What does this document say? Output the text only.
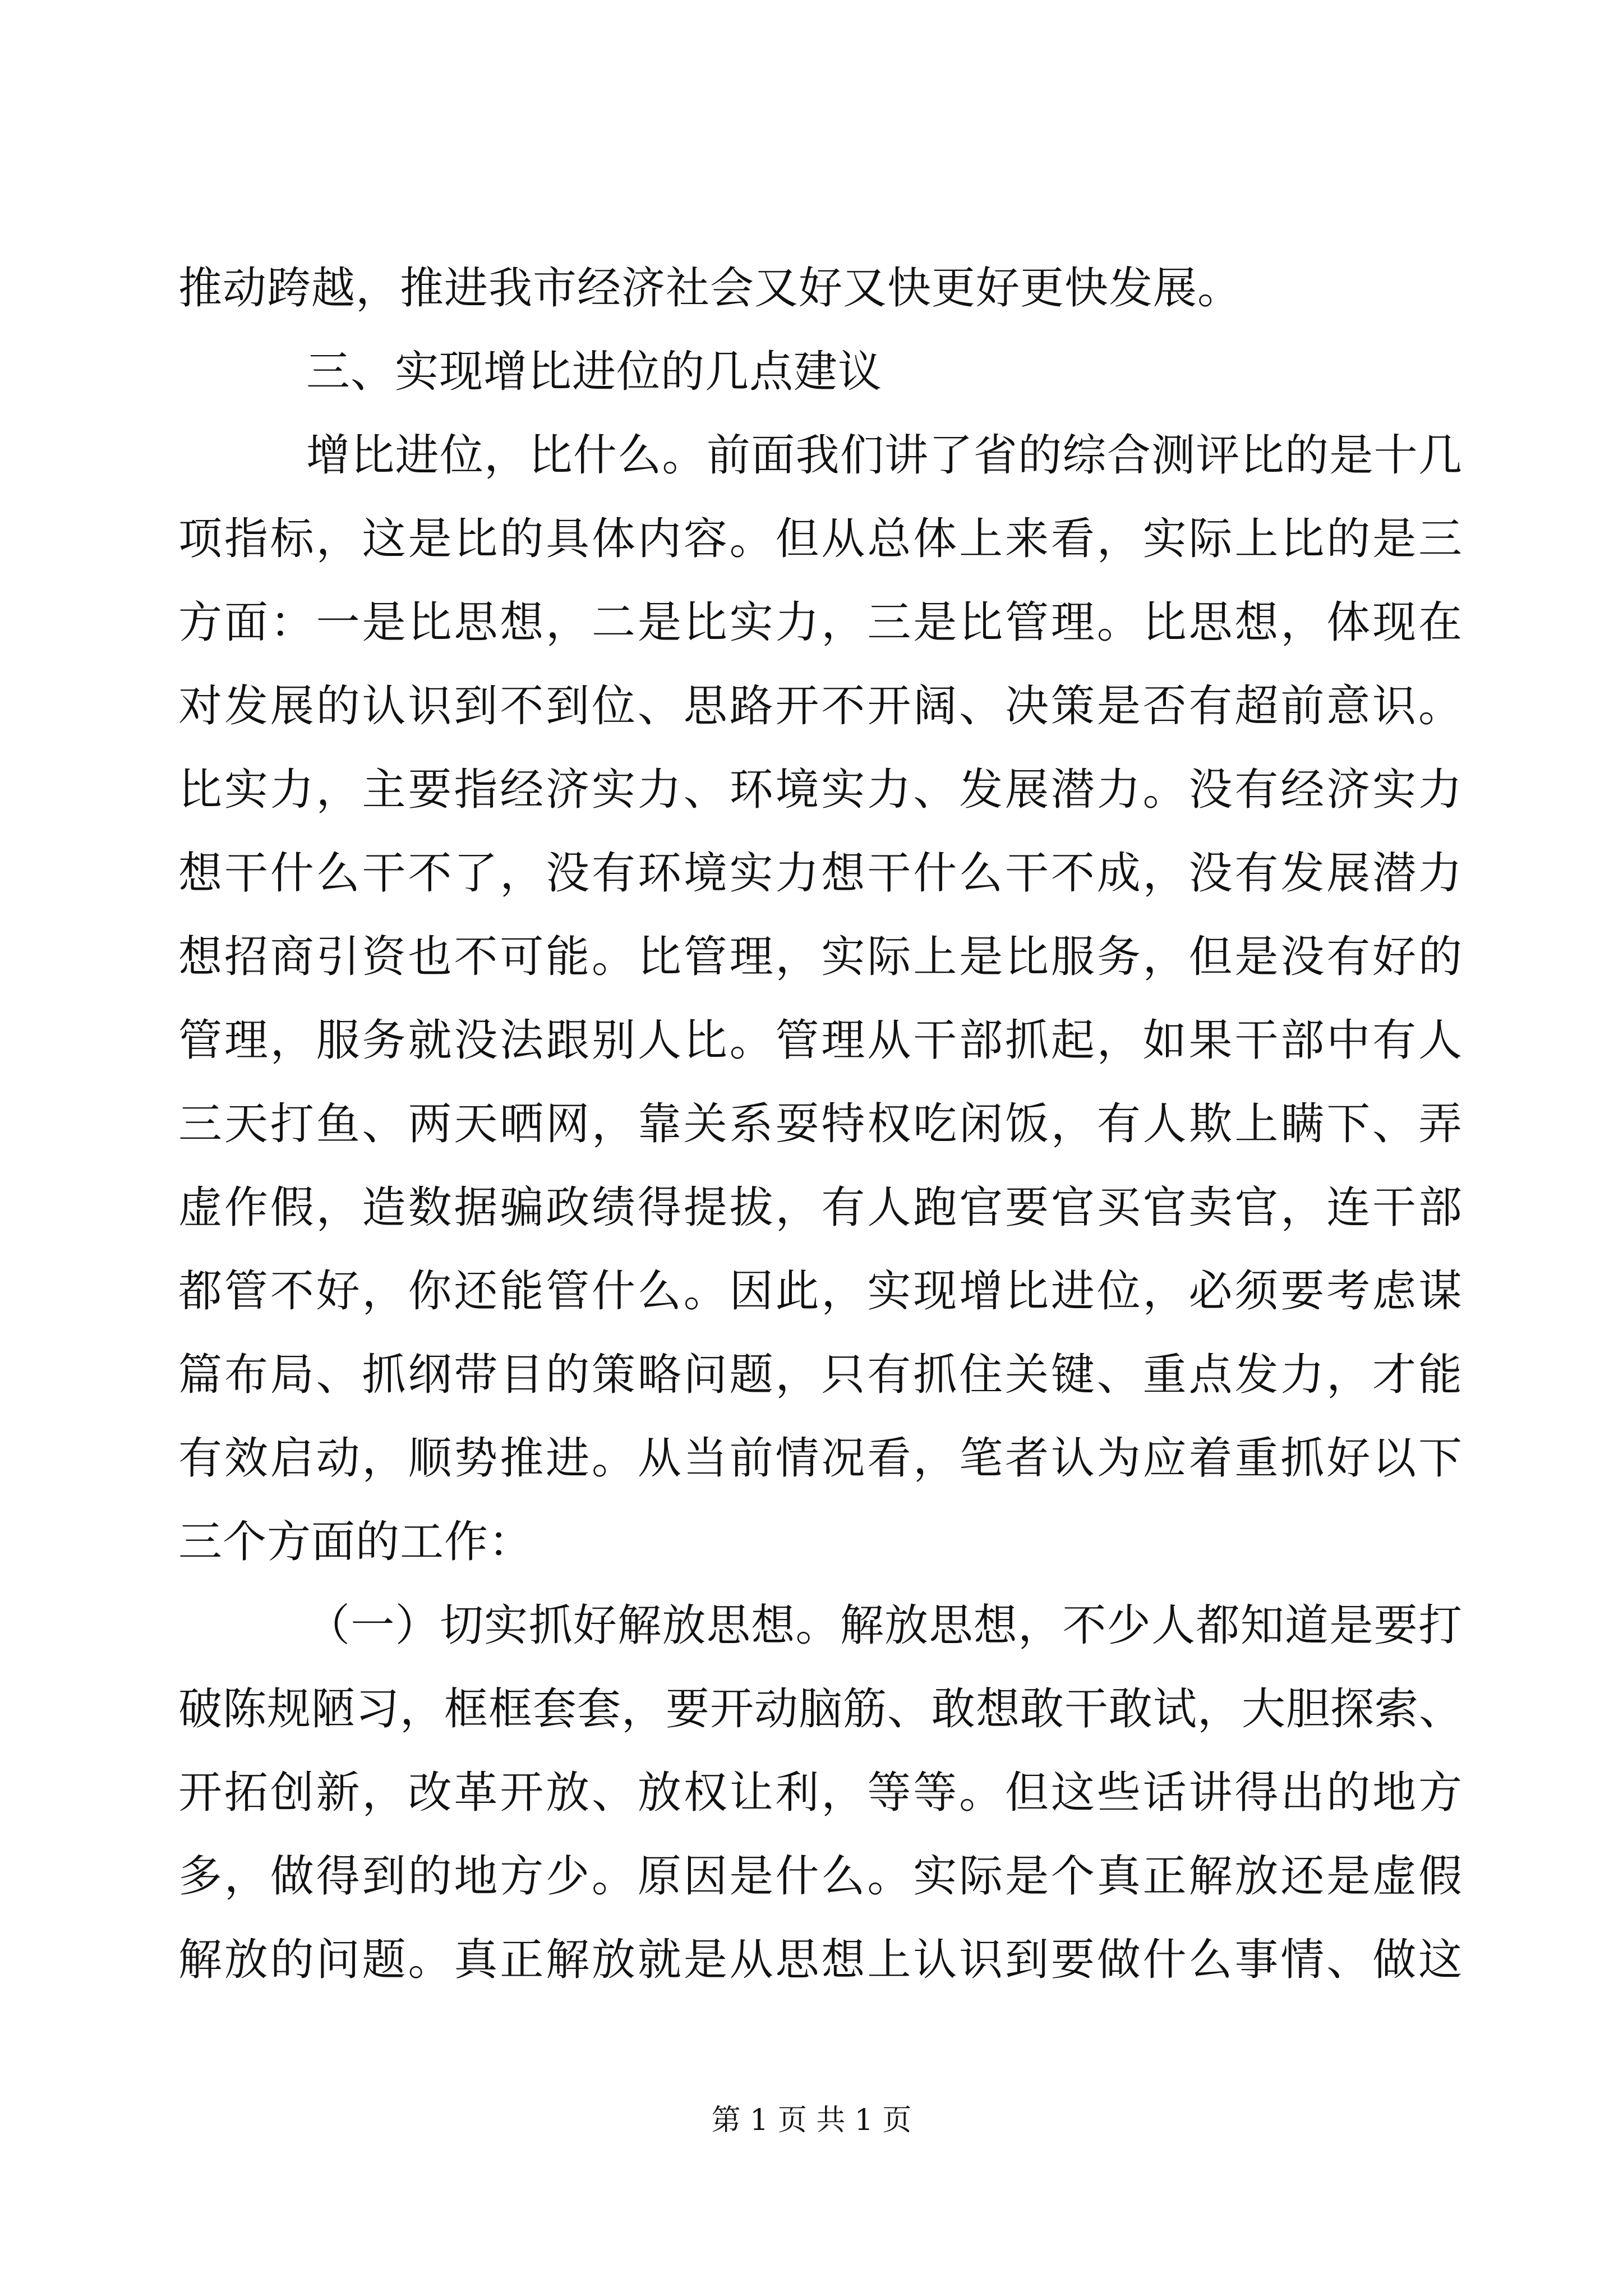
推动跨越，推进我市经济社会又好又快更好更快发展。
三、实现增比进位的几点建议
增比进位，比什么。前面我们讲了省的综合测评比的是十几
项指标，这是比的具体内容。但从总体上来看，实际上比的是三
方面：一是比思想，二是比实力，三是比管理。比思想，体现在
对发展的认识到不到位、思路开不开阔、决策是否有超前意识。
比实力，主要指经济实力、环境实力、发展潜力。没有经济实力
想干什么干不了，没有环境实力想干什么干不成，没有发展潜力
想招商引资也不可能。比管理，实际上是比服务，但是没有好的
管理，服务就没法跟别人比。管理从干部抓起，如果干部中有人
三天打鱼、两天晒网，靠关系耍特权吃闲饭，有人欺上瞒下、弄
虚作假，造数据骗政绩得提拔，有人跑官要官买官卖官，连干部
都管不好，你还能管什么。因此，实现增比进位，必须要考虑谋
篇布局、抓纲带目的策略问题，只有抓住关键、重点发力，才能
有效启动，顺势推进。从当前情况看，笔者认为应着重抓好以下
三个方面的工作：
（一）切实抓好解放思想。解放思想，不少人都知道是要打
破陈规陋习，框框套套，要开动脑筋、敢想敢干敢试，大胆探索、
开拓创新，改革开放、放权让利，等等。但这些话讲得出的地方
多，做得到的地方少。原因是什么。实际是个真正解放还是虚假
解放的问题。真正解放就是从思想上认识到要做什么事情、做这
第 1 页 共 1 页
